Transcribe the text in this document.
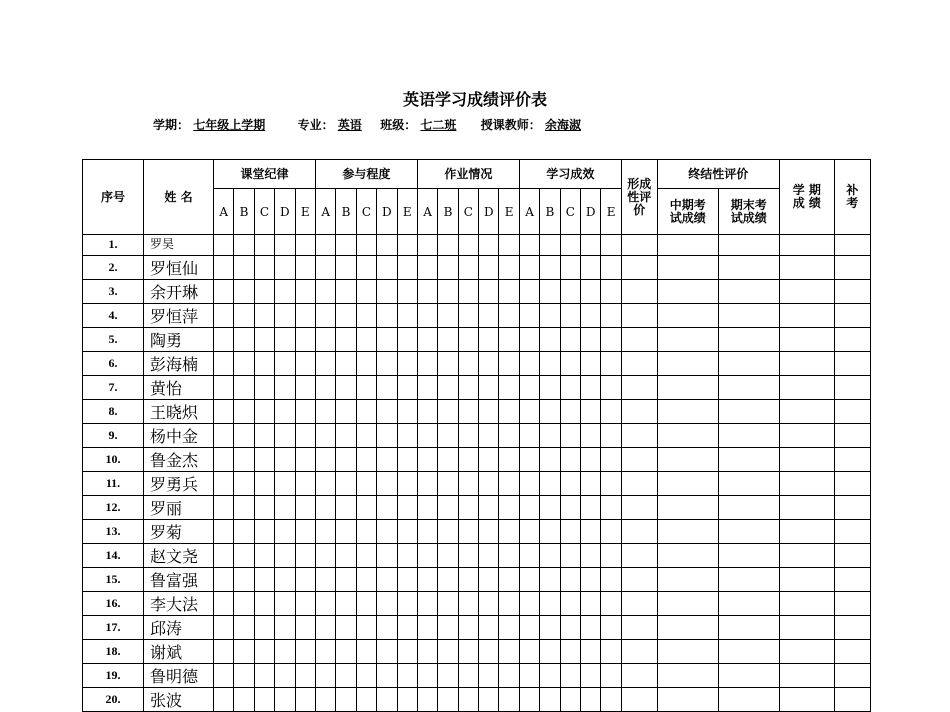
英语学习成绩评价表
学期： 七年级上学期	专业： 英语 班级： 七二班 授课教师： 余海淑
序号	姓 名	课堂纪律					参与程度					作业情况					学习成效					形成性评价	终结性评价		学 期成 绩	补考

		A	B	C	D	E	A	B	C	D	E	A	B	C	D	E	A	B	C	D	E		中期考试成绩	期末考试成绩		

1.	罗昊																									
2.	罗恒仙																									
3.	余开琳																									
4.	罗恒萍																									
5.	陶勇																									
6.	彭海楠																									
7.	黄怡																									
8.	王晓炽																									
9.	杨中金																									
10.	鲁金杰																									
11.	罗勇兵																									
12.	罗丽																									
13.	罗菊																									
14.	赵文尧																									
15.	鲁富强																									
16.	李大法																									
17.	邱涛																									
18.	谢斌																									
19.	鲁明德																									
20.	张波																									
